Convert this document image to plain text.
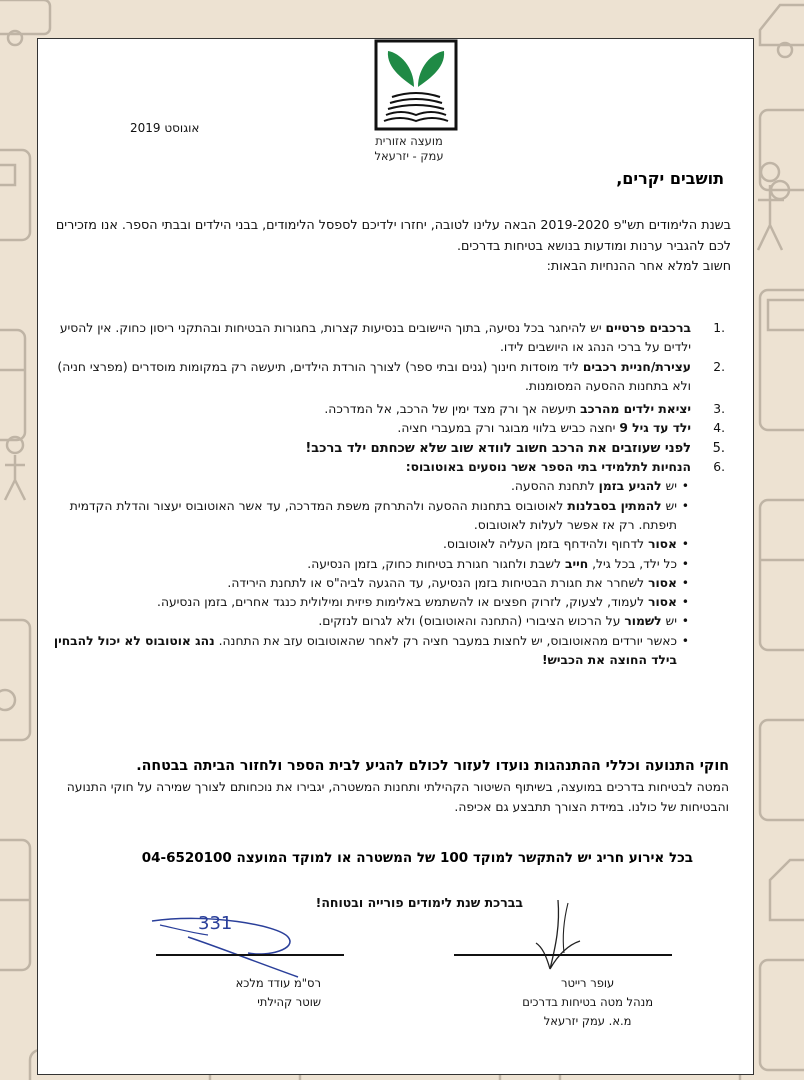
מועצה אזורית
עמק - יזרעאל
אוגוסט 2019
תושבים יקרים,
בשנת הלימודים תש"פ 2019-2020 הבאה עלינו לטובה, יחזרו ילדיכם לספסל הלימודים, בבני הילדים ובבתי הספר. אנו מזכירים לכם להגביר ערנות ומודעות בנושא בטיחות בדרכים.
חשוב למלא אחר ההנחיות הבאות:
1.
ברכבים פרטיים יש להיחגר בכל נסיעה, בתוך היישובים בנסיעות קצרות, בחגורות הבטיחות ובהתקני ריסון כחוק. אין להסיע ילדים על ברכי הנהג או היושבים לידו.
2.
עצירת/חניית רכבים ליד מוסדות חינוך (גנים ובתי ספר) לצורך הורדת הילדים, תיעשה רק במקומות מוסדרים (מפרצי חניה) ולא בתחנות ההסעה המסומנות.
3.
יציאת ילדים מהרכב תיעשה אך ורק מצד ימין של הרכב, אל המדרכה.
4.
ילד עד גיל 9 יחצה כביש בלווי מבוגר ורק במעברי חציה.
5.
לפני שעוזבים את הרכב חשוב לוודא שוב שלא שכחתם ילד ברכב!
6.
הנחיות לתלמידי בתי הספר אשר נוסעים באוטובוס:
•
יש להגיע בזמן לתחנת ההסעה.
•
יש להמתין בסבלנות לאוטובוס בתחנות ההסעה ולהתרחק משפת המדרכה, עד אשר האוטובוס יעצור והדלת הקדמית תיפתח. רק אז אפשר לעלות לאוטובוס.
•
אסור לדחוף ולהידחף בזמן העליה לאוטובוס.
•
כל ילד, בכל גיל, חייב לשבת ולחגור חגורת בטיחות כחוק, בזמן הנסיעה.
•
אסור לשחרר את חגורת הבטיחות בזמן הנסיעה, עד ההגעה לביה"ס או לתחנת הירידה.
•
אסור לעמוד, לצעוק, לזרוק חפצים או להשתמש באלימות פיזית ומילולית כנגד אחרים, בזמן הנסיעה.
•
יש לשמור על הרכוש הציבורי (התחנה והאוטובוס) ולא לגרום לנזקים.
•
כאשר יורדים מהאוטובוס, יש לחצות במעבר חציה רק לאחר שהאוטובוס עזב את התחנה. נהג אוטובוס לא יכול להבחין בילד החוצה את הכביש!
חוקי התנועה וכללי ההתנהגות נועדו לעזור לכולם להגיע לבית הספר ולחזור הביתה בבטחה.
המטה לבטיחות בדרכים במועצה, בשיתוף השיטור הקהילתי ותחנות המשטרה, יגבירו את נוכחותם לצורך שמירה על חוקי התנועה והבטיחות של כולנו. במידת הצורך תתבצע גם אכיפה.
בכל אירוע חריג יש להתקשר למוקד 100 של המשטרה או למוקד המועצה 04-6520100
בברכת שנת לימודים פורייה ובטוחה!
331
רס"מ עודד מלכא
שוטר קהילתי
עופר רייטר
מנהל מטה בטיחות בדרכים
מ.א. עמק יזרעאל
